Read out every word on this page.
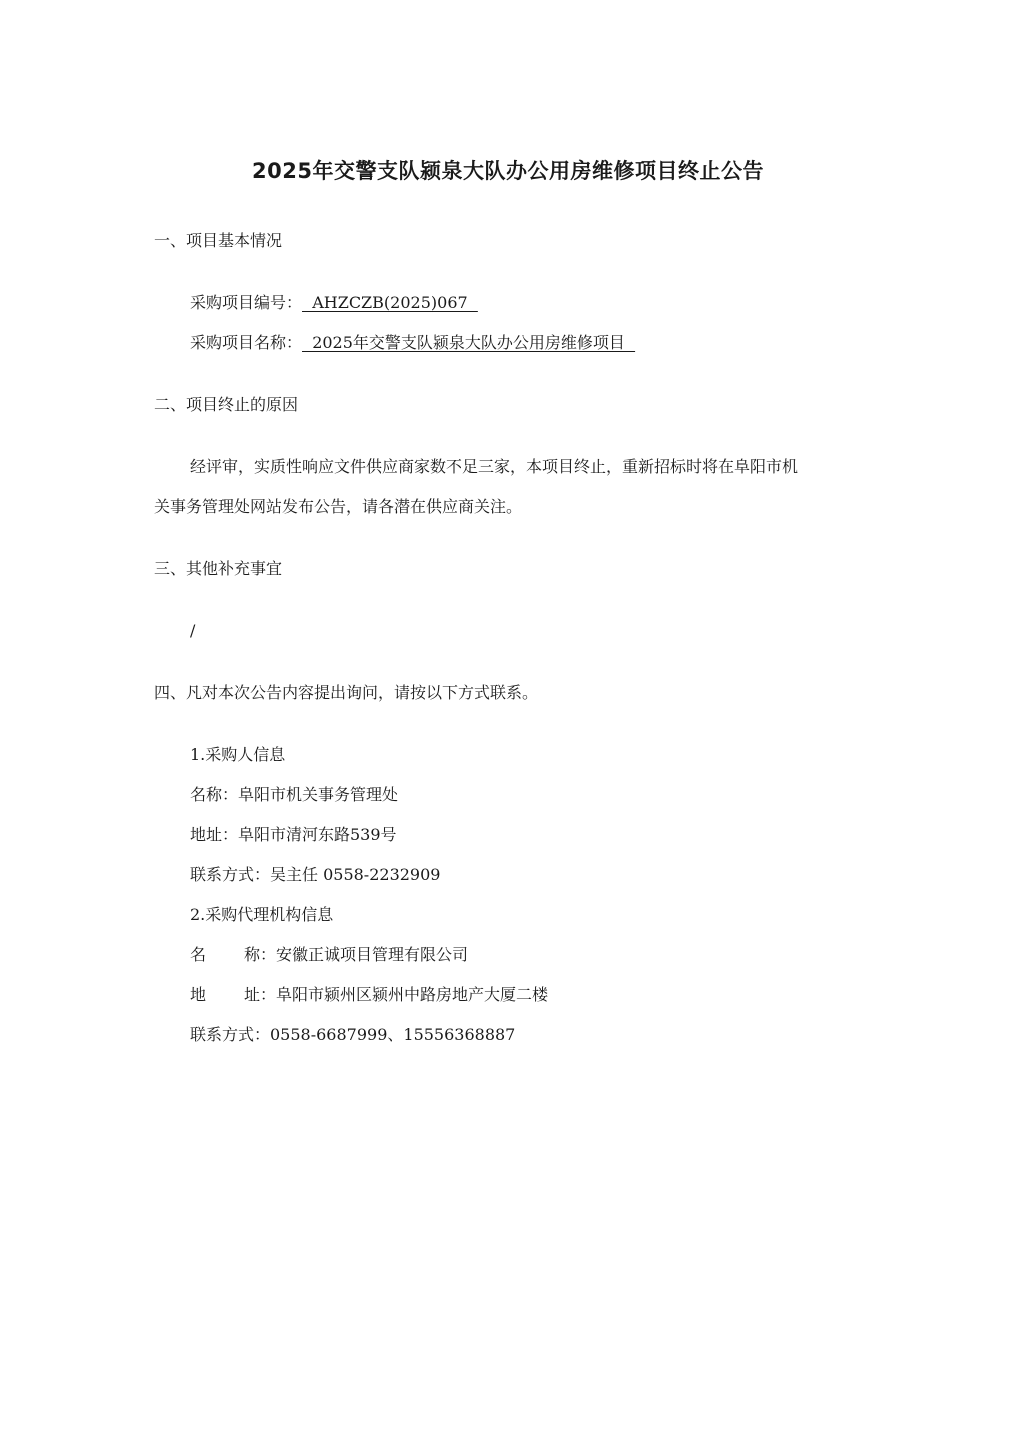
2025年交警支队颍泉大队办公用房维修项目终止公告
一、项目基本情况
采购项目编号：  AHZCZB(2025)067
采购项目名称：  2025年交警支队颍泉大队办公用房维修项目
二、项目终止的原因
经评审，实质性响应文件供应商家数不足三家，本项目终止，重新招标时将在阜阳市机
关事务管理处网站发布公告，请各潜在供应商关注。
三、其他补充事宜
/
四、凡对本次公告内容提出询问，请按以下方式联系。
1.采购人信息
名称：阜阳市机关事务管理处
地址：阜阳市清河东路539号
联系方式：吴主任 0558-2232909
2.采购代理机构信息
名 称：安徽正诚项目管理有限公司
地 址：阜阳市颍州区颍州中路房地产大厦二楼
联系方式：0558-6687999、15556368887
